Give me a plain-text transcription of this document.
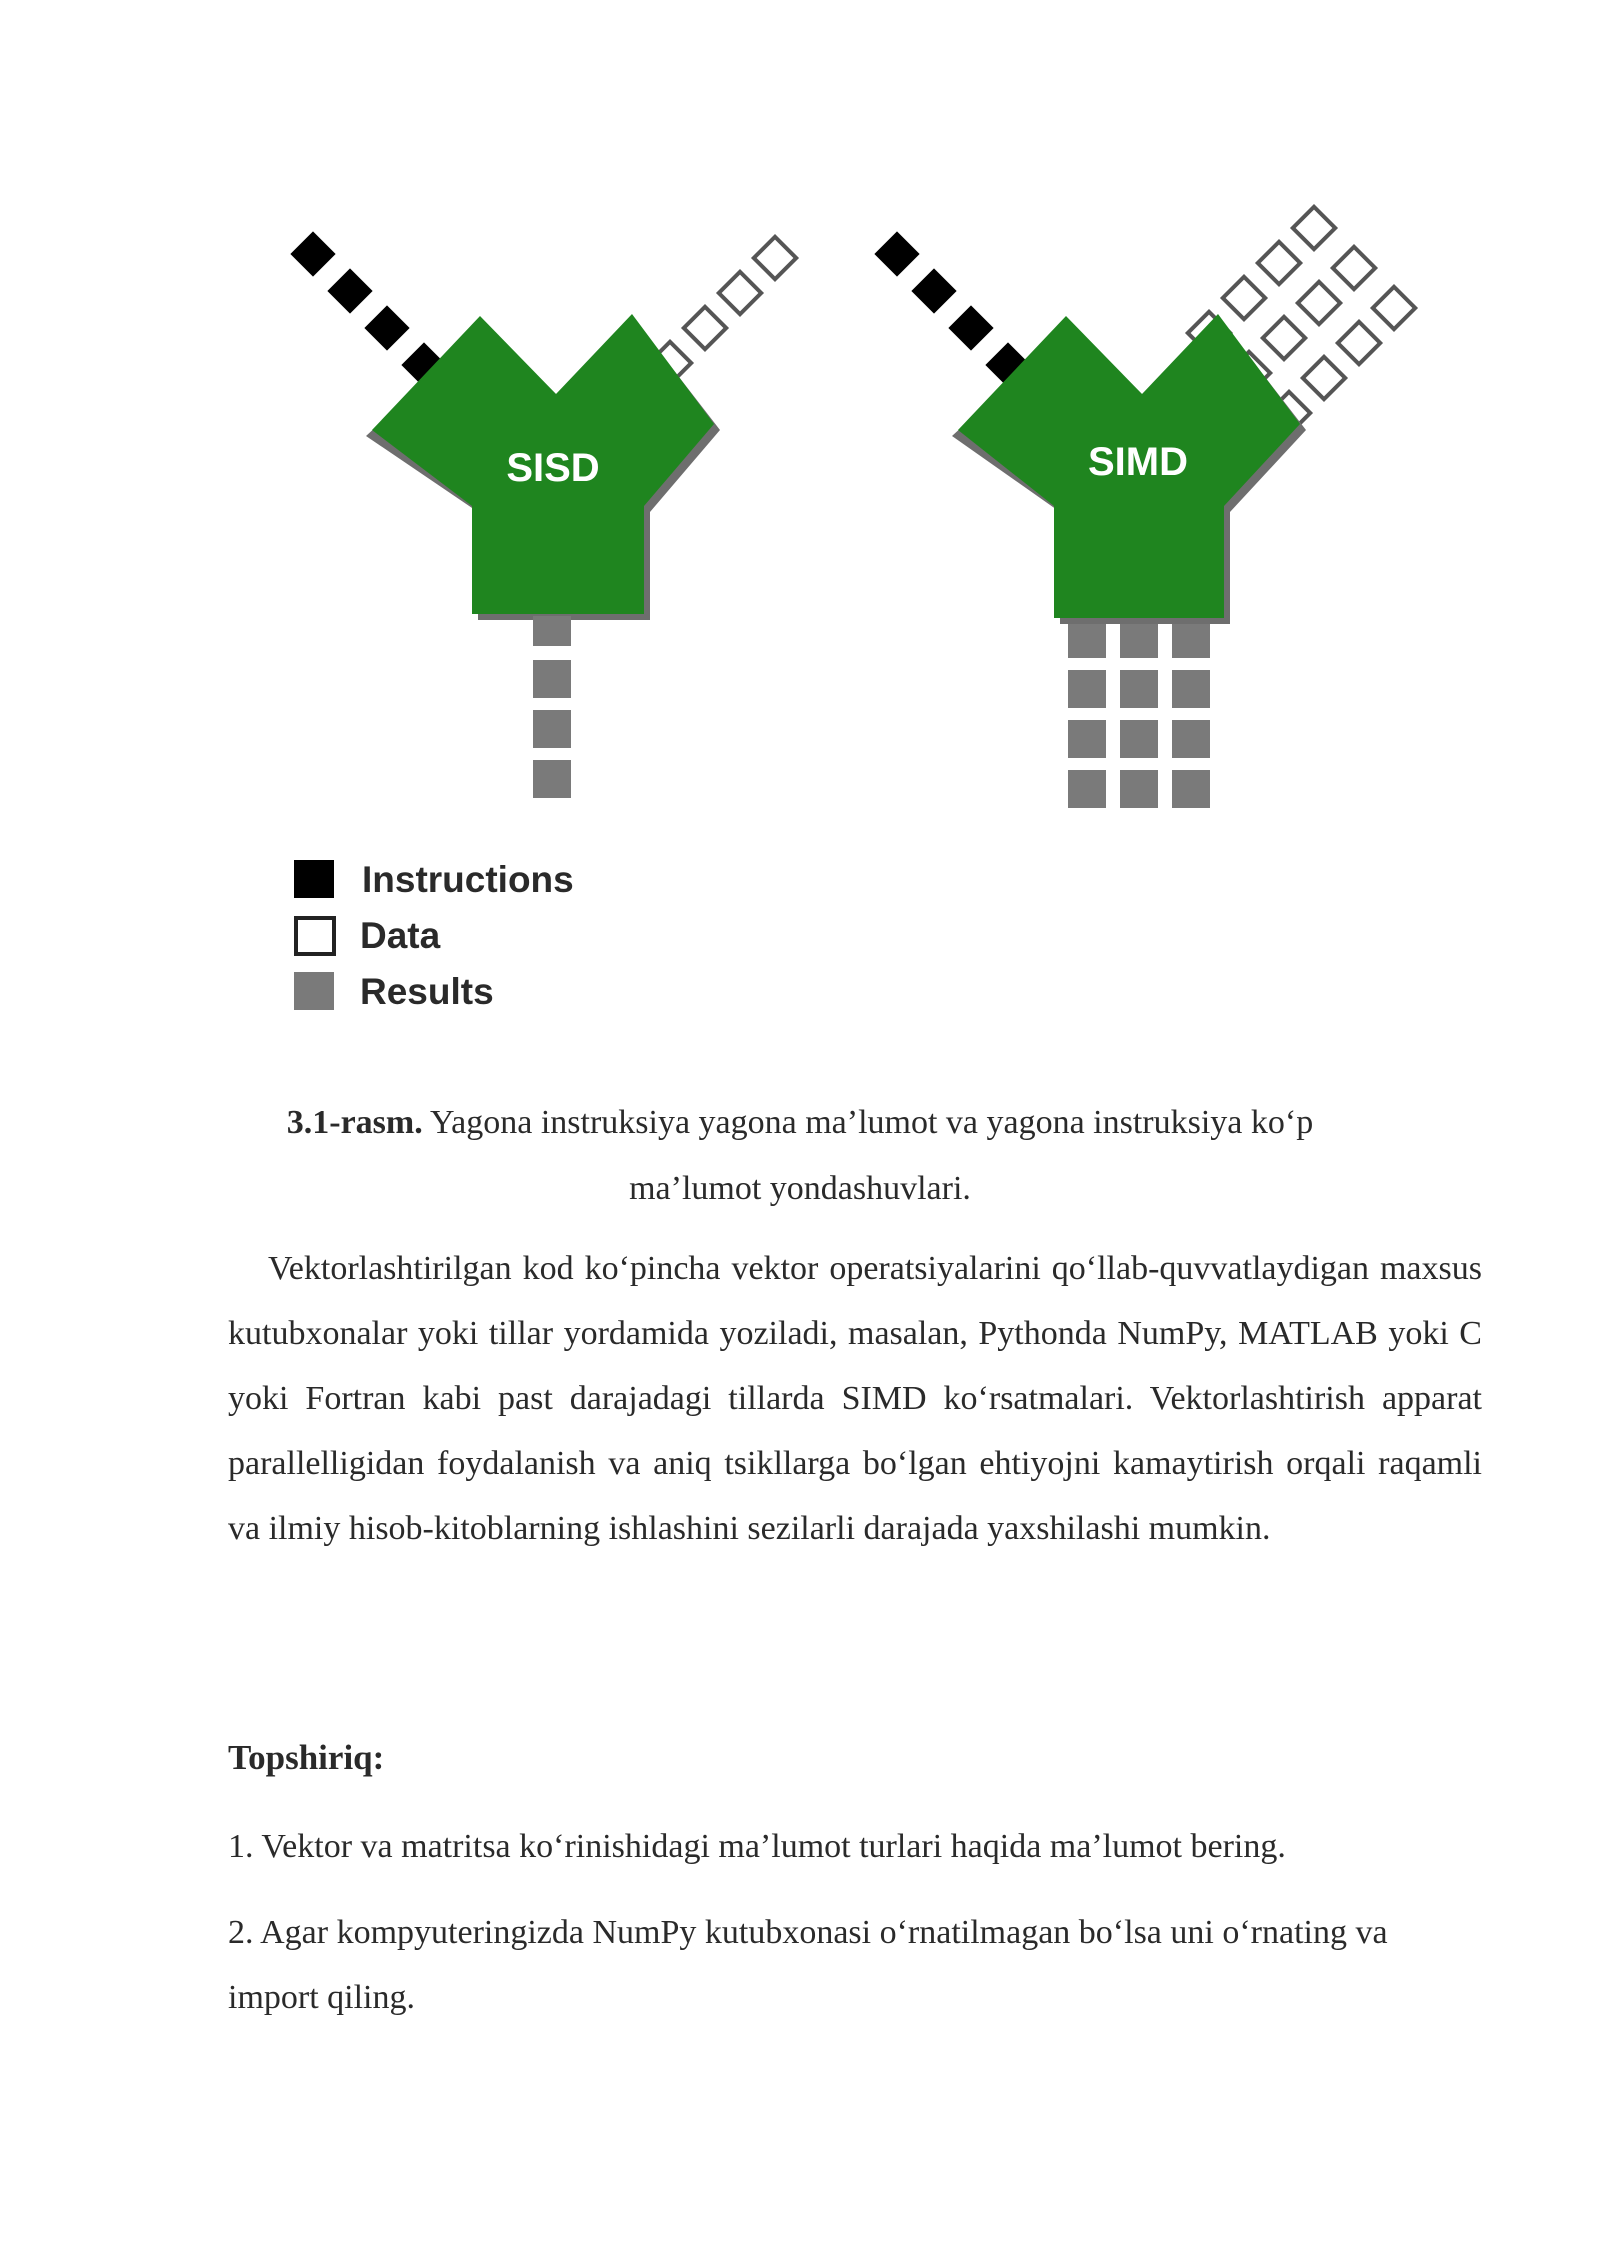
SISD	SIMD
Instructions
Data
Results
3.1-rasm. Yagona instruksiya yagona ma’lumot va yagona instruksiya ko‘p ma’lumot yondashuvlari.

Vektorlashtirilgan kod ko‘pincha vektor operatsiyalarini qo‘llab-quvvatlaydigan maxsus kutubxonalar yoki tillar yordamida yoziladi, masalan, Pythonda NumPy, MATLAB yoki C yoki Fortran kabi past darajadagi tillarda SIMD ko‘rsatmalari. Vektorlashtirish apparat parallelligidan foydalanish va aniq tsikllarga bo‘lgan ehtiyojni kamaytirish orqali raqamli va ilmiy hisob-kitoblarning ishlashini sezilarli darajada yaxshilashi mumkin.

Topshiriq:

1. Vektor va matritsa ko‘rinishidagi ma’lumot turlari haqida ma’lumot bering.

2. Agar kompyuteringizda NumPy kutubxonasi o‘rnatilmagan bo‘lsa uni o‘rnating va import qiling.
